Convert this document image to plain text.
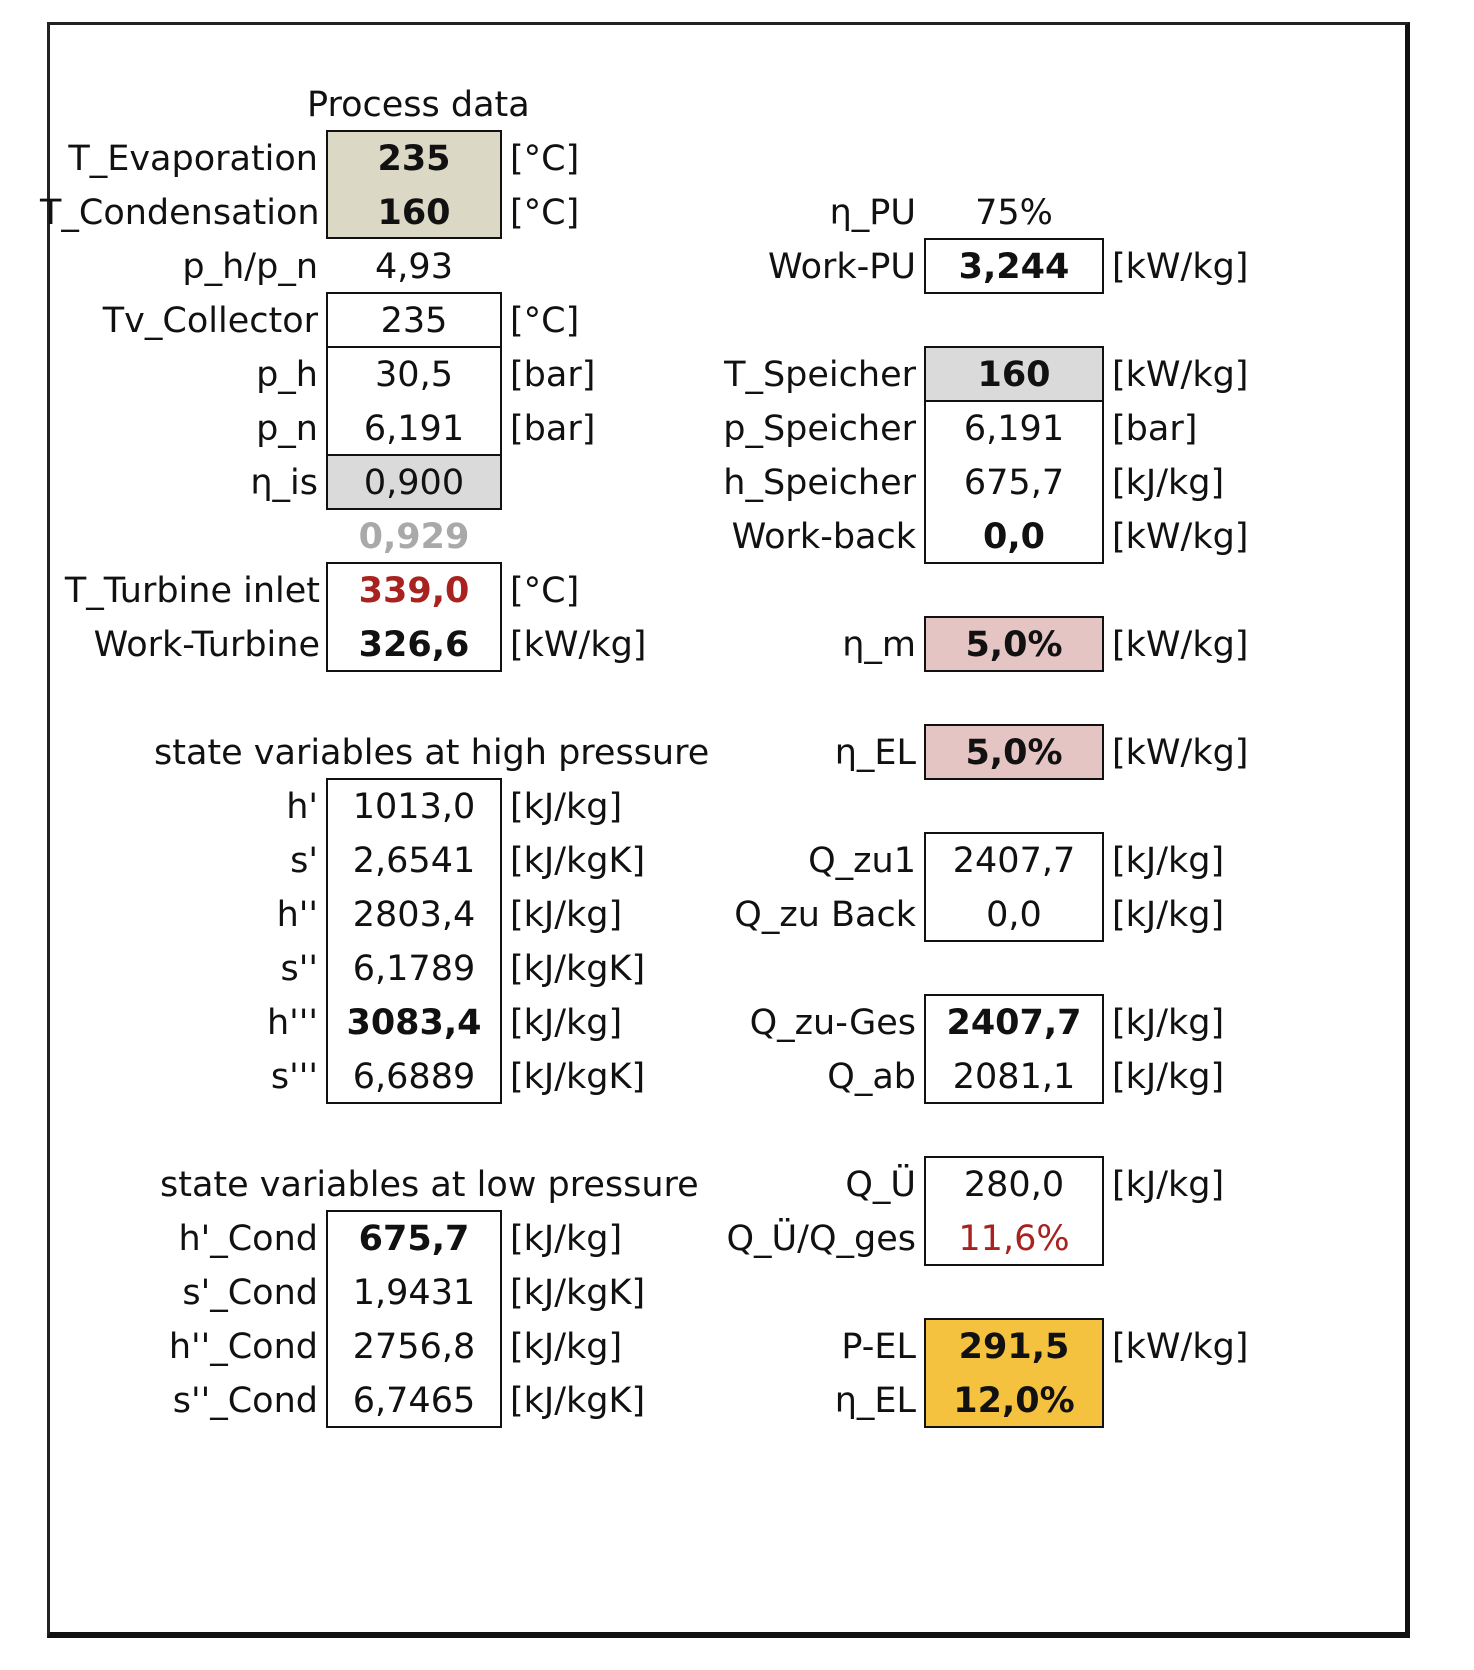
Process data
T_Evaporation	235	[°C]
T_Condensation	160	[°C]
p_h/p_n	4,93
Tv_Collector	235	[°C]
p_h	30,5	[bar]
p_n	6,191	[bar]
η_is	0,900
0,929
T_Turbine inlet	339,0	[°C]
Work-Turbine	326,6	[kW/kg]
state variables at high pressure
h' 1013,0 [kJ/kg]
s' 2,6541 [kJ/kgK]
h'' 2803,4 [kJ/kg]
s'' 6,1789 [kJ/kgK]
h''' 3083,4 [kJ/kg]
s''' 6,6889 [kJ/kgK]
state variables at low pressure
h'_Cond	675,7	[kJ/kg]
s'_Cond 1,9431 [kJ/kgK]
h''_Cond 2756,8 [kJ/kg]
s''_Cond 6,7465 [kJ/kgK]
η_PU	75%
Work-PU	3,244	[kW/kg]
T_Speicher	160	[kW/kg]
p_Speicher	6,191	[bar]
h_Speicher	675,7	[kJ/kg]
Work-back	0,0	[kW/kg]
η_m	5,0%	[kW/kg]
η_EL	5,0%	[kW/kg]
Q_zu1	2407,7	[kJ/kg]
Q_zu Back	0,0	[kJ/kg]
Q_zu-Ges 2407,7 [kJ/kg]
Q_ab	2081,1	[kJ/kg]
Q_Ü	280,0	[kJ/kg]
Q_Ü/Q_ges	11,6%
P-EL	291,5	[kW/kg]
η_EL	12,0%
